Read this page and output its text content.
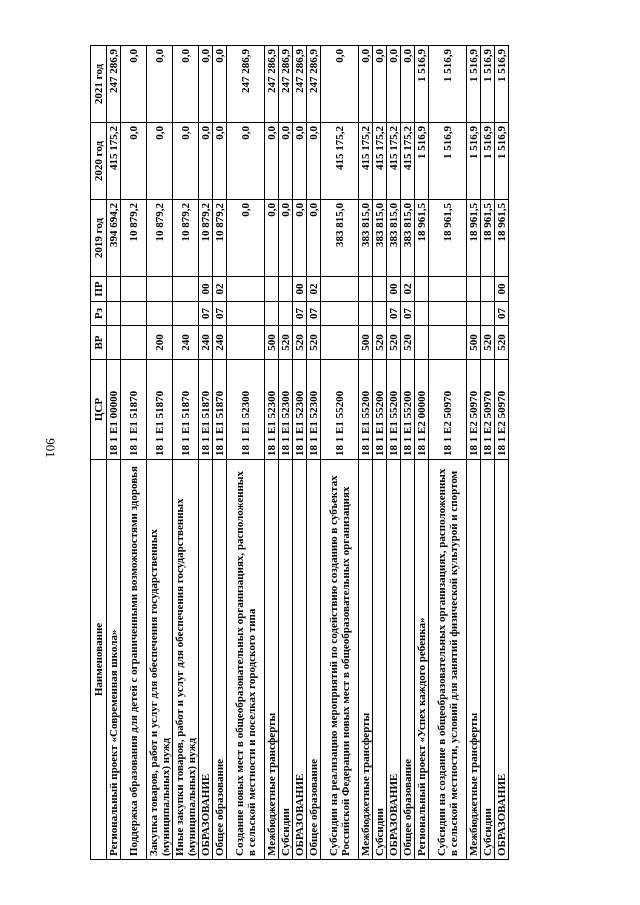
901
Наименование	ЦСР	ВР	Рз	ПР	2019 год	2020 год	2021 год
Региональный проект «Современная школа»	18 1 E1 00000				394 694,2	415 175,2	247 286,9
Поддержка образования для детей с ограниченными возможностями здоровья	18 1 E1 51870				10 879,2	0,0	0,0
Закупка товаров, работ и услуг для обеспечения государственных (муниципальных) нужд	18 1 E1 51870	200			10 879,2	0,0	0,0
Иные закупки товаров, работ и услуг для обеспечения государственных (муниципальных) нужд	18 1 E1 51870	240			10 879,2	0,0	0,0
ОБРАЗОВАНИЕ	18 1 E1 51870	240	07	00	10 879,2	0,0	0,0
Общее образование	18 1 E1 51870	240	07	02	10 879,2	0,0	0,0
Создание новых мест в общеобразовательных организациях, расположенных в сельской местности и поселках городского типа	18 1 E1 52300				0,0	0,0	247 286,9
Межбюджетные трансферты	18 1 E1 52300	500			0,0	0,0	247 286,9
Субсидии	18 1 E1 52300	520			0,0	0,0	247 286,9
ОБРАЗОВАНИЕ	18 1 E1 52300	520	07	00	0,0	0,0	247 286,9
Общее образование	18 1 E1 52300	520	07	02	0,0	0,0	247 286,9
Субсидии на реализацию мероприятий по содействию созданию в субъектах Российской Федерации новых мест в общеобразовательных организациях	18 1 E1 55200				383 815,0	415 175,2	0,0
Межбюджетные трансферты	18 1 E1 55200	500			383 815,0	415 175,2	0,0
Субсидии	18 1 E1 55200	520			383 815,0	415 175,2	0,0
ОБРАЗОВАНИЕ	18 1 E1 55200	520	07	00	383 815,0	415 175,2	0,0
Общее образование	18 1 E1 55200	520	07	02	383 815,0	415 175,2	0,0
Региональный проект «Успех каждого ребенка»	18 1 E2 00000				18 961,5	1 516,9	1 516,9
Субсидии на создание в общеобразовательных организациях, расположенных в сельской местности, условий для занятий физической культурой и спортом	18 1 E2 50970				18 961,5	1 516,9	1 516,9
Межбюджетные трансферты	18 1 E2 50970	500			18 961,5	1 516,9	1 516,9
Субсидии	18 1 E2 50970	520			18 961,5	1 516,9	1 516,9
ОБРАЗОВАНИЕ	18 1 E2 50970	520	07	00	18 961,5	1 516,9	1 516,9
